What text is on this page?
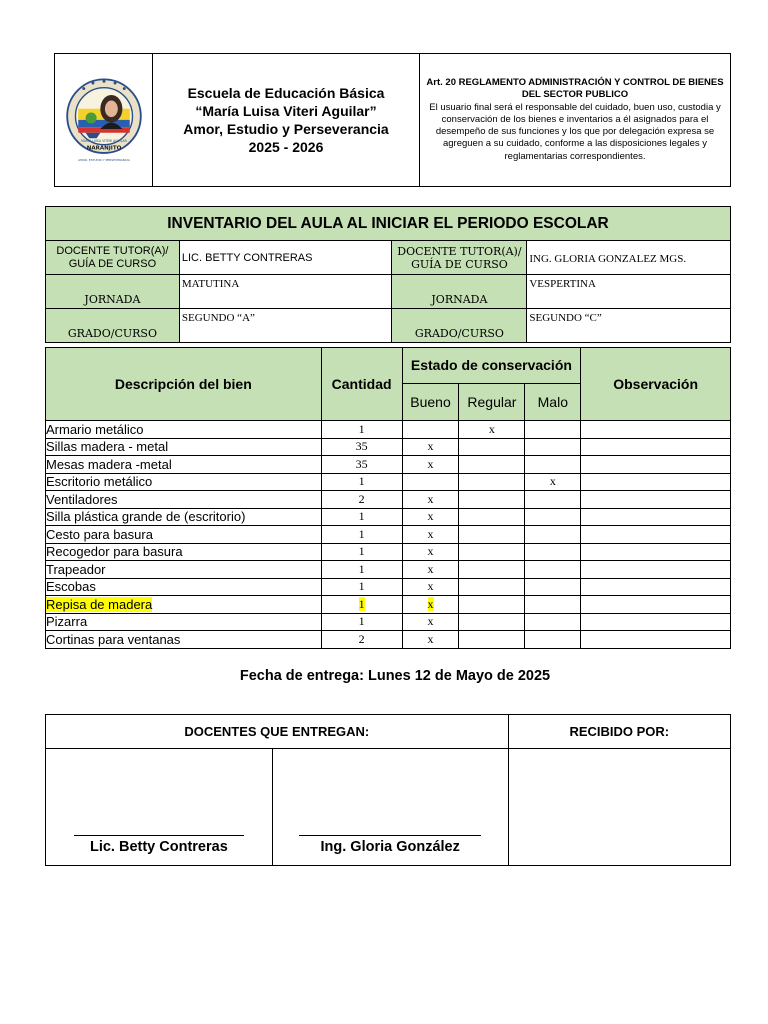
NARANJITO
AMOR, ESTUDIO Y PERSEVERANCIA
MARÍA LUISA VITERI AGUILAR

Escuela de Educación Básica
“María Luisa Viteri Aguilar”
Amor, Estudio y Perseverancia
2025 - 2026

Art. 20 REGLAMENTO ADMINISTRACIÓN Y CONTROL DE BIENES DEL SECTOR PUBLICO
El usuario final será el responsable del cuidado, buen uso, custodia y conservación de los bienes e inventarios a él asignados para el desempeño de sus funciones y los que por delegación expresa se agreguen a su cuidado, conforme a las disposiciones legales y reglamentarias correspondientes.
INVENTARIO DEL AULA AL INICIAR EL PERIODO ESCOLAR			
DOCENTE TUTOR(A)/ GUÍA DE CURSO	LIC. BETTY CONTRERAS	DOCENTE TUTOR(A)/ GUÍA DE CURSO	ING. GLORIA GONZALEZ MGS.
JORNADA	MATUTINA	JORNADA	VESPERTINA
GRADO/CURSO	SEGUNDO “A”	GRADO/CURSO	SEGUNDO “C”
Descripción del bien	Cantidad	Estado de conservación			Observación
		Bueno	Regular	Malo	
Armario metálico	1		x		
Sillas madera - metal	35	x			
Mesas madera -metal	35	x			
Escritorio metálico	1			x	
Ventiladores	2	x			
Silla plástica grande de (escritorio)	1	x			
Cesto para basura	1	x			
Recogedor para basura	1	x			
Trapeador	1	x			
Escobas	1	x			
Repisa de madera	1	x			
Pizarra	1	x			
Cortinas para ventanas	2	x			
Fecha de entrega: Lunes 12 de Mayo de 2025
DOCENTES QUE ENTREGAN:		RECIBIDO POR:

Lic. Betty Contreras	Ing. Gloria González	
